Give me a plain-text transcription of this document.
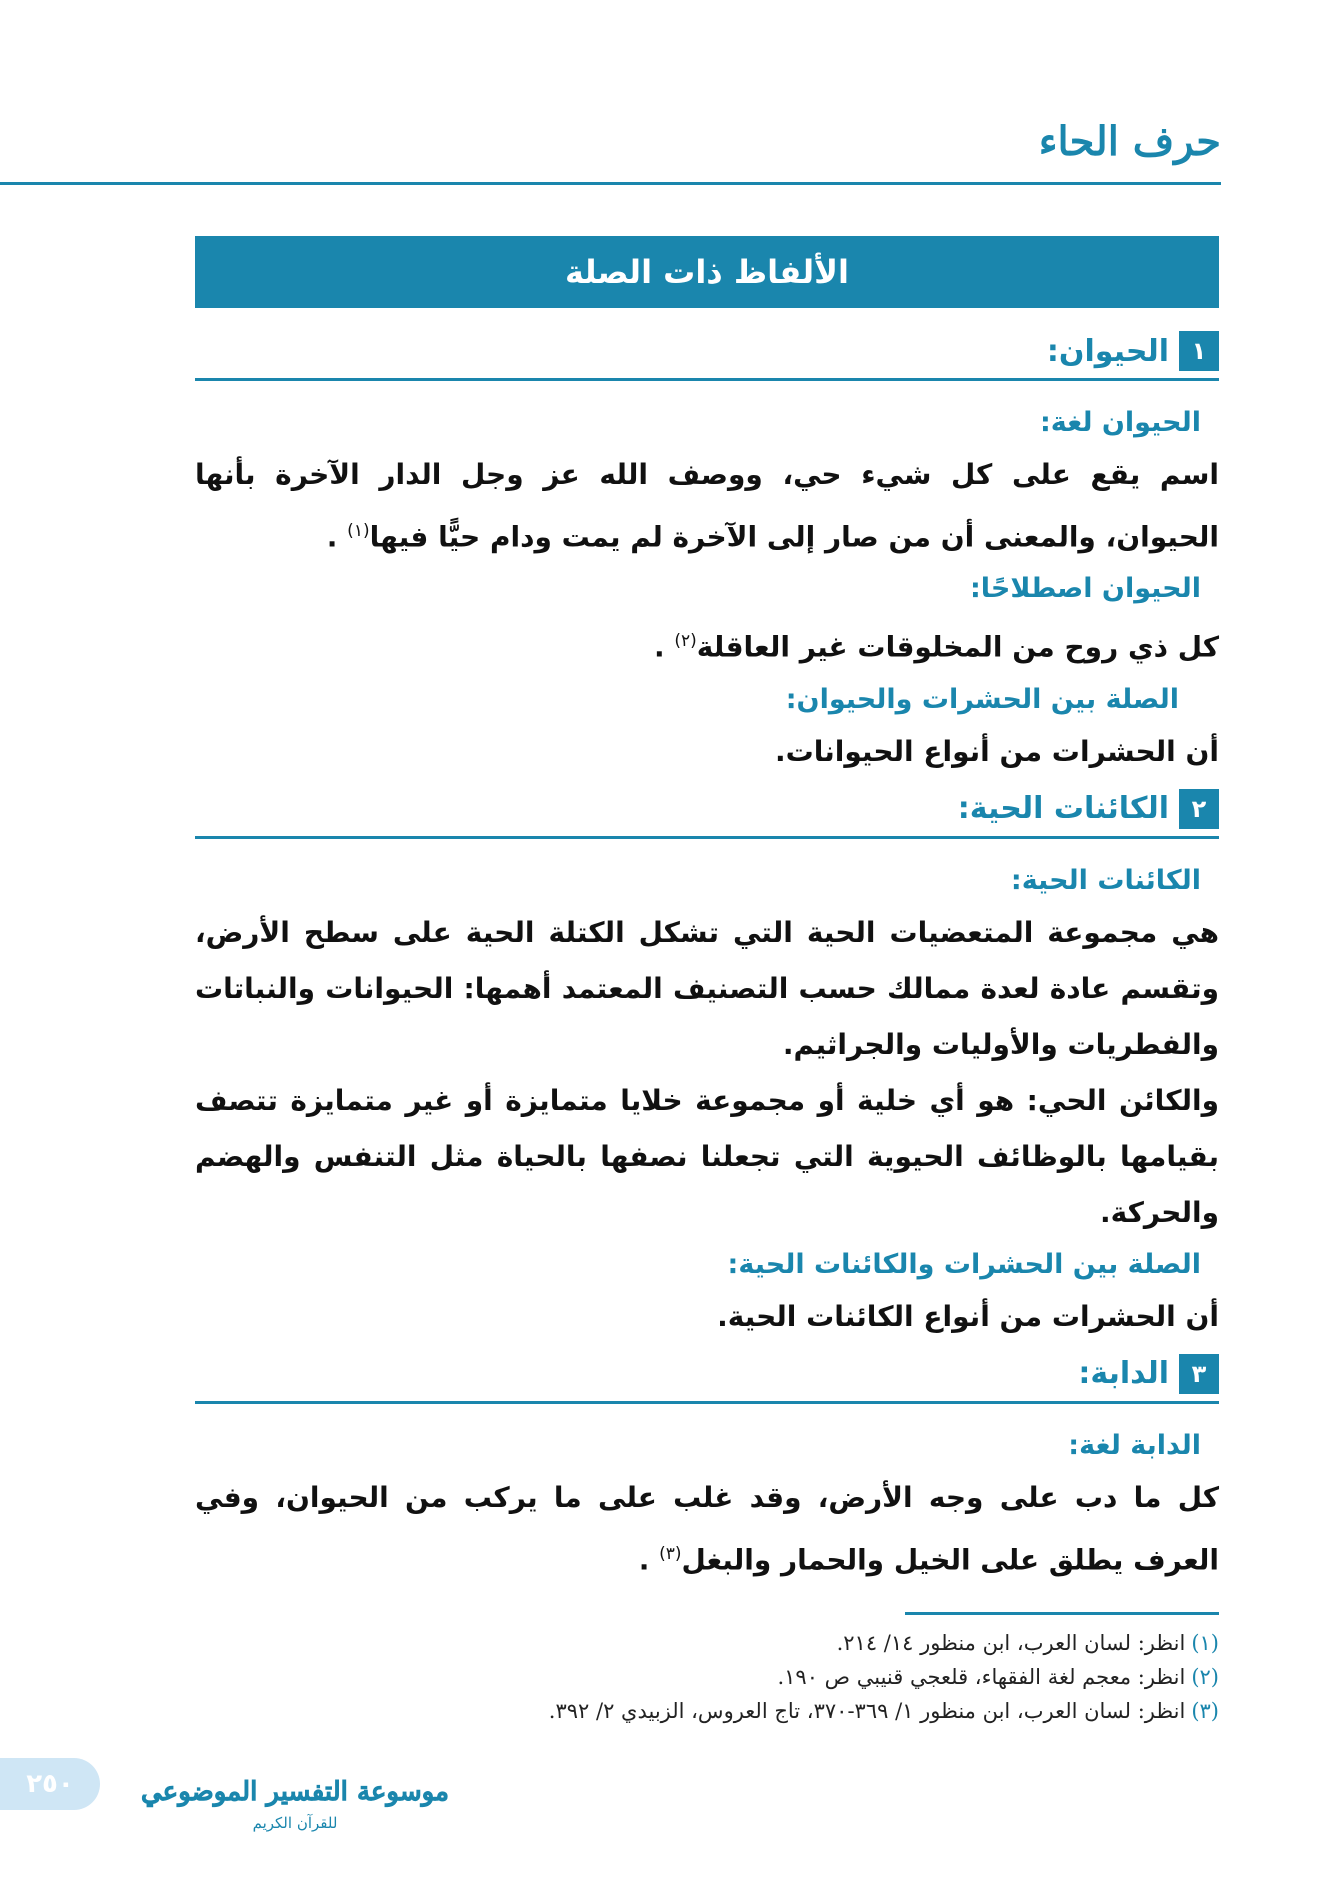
حرف الحاء
الألفاظ ذات الصلة
١
الحيوان:
الحيوان لغة:
اسم يقع على كل شيء حي، ووصف الله عز وجل الدار الآخرة بأنها الحيوان، والمعنى أن من صار إلى الآخرة لم يمت ودام حيًّا فيها$^{(١)}$ .
الحيوان اصطلاحًا:
كل ذي روح من المخلوقات غير العاقلة$^{(٢)}$ .
الصلة بين الحشرات والحيوان:
أن الحشرات من أنواع الحيوانات.
٢
الكائنات الحية:
الكائنات الحية:
هي مجموعة المتعضيات الحية التي تشكل الكتلة الحية على سطح الأرض، وتقسم عادة لعدة ممالك حسب التصنيف المعتمد أهمها: الحيوانات والنباتات والفطريات والأوليات والجراثيم.
والكائن الحي: هو أي خلية أو مجموعة خلايا متمايزة أو غير متمايزة تتصف بقيامها بالوظائف الحيوية التي تجعلنا نصفها بالحياة مثل التنفس والهضم والحركة.
الصلة بين الحشرات والكائنات الحية:
أن الحشرات من أنواع الكائنات الحية.
٣
الدابة:
الدابة لغة:
كل ما دب على وجه الأرض، وقد غلب على ما يركب من الحيوان، وفي العرف يطلق على الخيل والحمار والبغل$^{(٣)}$ .
(١)انظر: لسان العرب، ابن منظور ١٤/ ٢١٤.
(٢)انظر: معجم لغة الفقهاء، قلعجي قنيبي ص ١٩٠.
(٣)انظر: لسان العرب، ابن منظور ١/ ٣٦٩-٣٧٠، تاج العروس، الزبيدي ٢/ ٣٩٢.
٢٥٠	موسوعة التفسير الموضوعي
للقرآن الكريم
